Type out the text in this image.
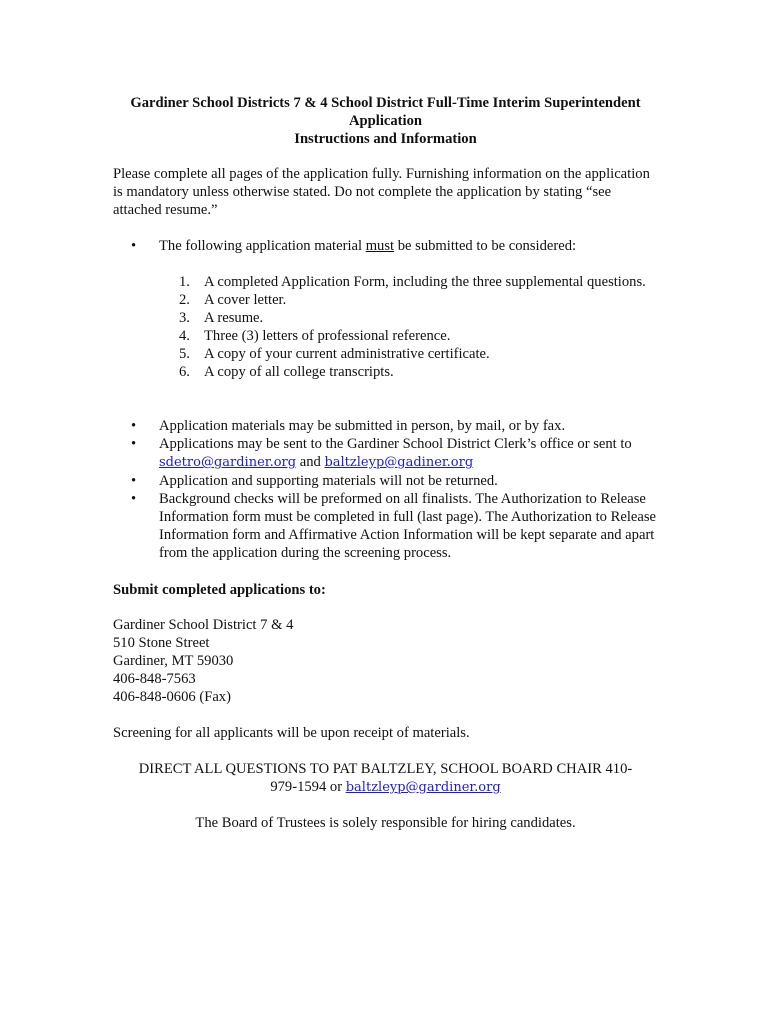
Gardiner School Districts 7 & 4 School District Full-Time Interim Superintendent
Application
Instructions and Information
Please complete all pages of the application fully. Furnishing information on the application is mandatory unless otherwise stated. Do not complete the application by stating “see attached resume.”
• The following application material must be submitted to be considered:
1. A completed Application Form, including the three supplemental questions.
2. A cover letter.
3. A resume.
4. Three (3) letters of professional reference.
5. A copy of your current administrative certificate.
6. A copy of all college transcripts.
• Application materials may be submitted in person, by mail, or by fax.
• Applications may be sent to the Gardiner School District Clerk’s office or sent to
sdetro@gardiner.org and baltzleyp@gadiner.org
• Application and supporting materials will not be returned.
• Background checks will be preformed on all finalists. The Authorization to Release Information form must be completed in full (last page). The Authorization to Release Information form and Affirmative Action Information will be kept separate and apart from the application during the screening process.
Submit completed applications to:
Gardiner School District 7 & 4
510 Stone Street
Gardiner, MT 59030
406-848-7563
406-848-0606 (Fax)
Screening for all applicants will be upon receipt of materials.
DIRECT ALL QUESTIONS TO PAT BALTZLEY, SCHOOL BOARD CHAIR 410-
979-1594 or baltzleyp@gardiner.org
The Board of Trustees is solely responsible for hiring candidates.
